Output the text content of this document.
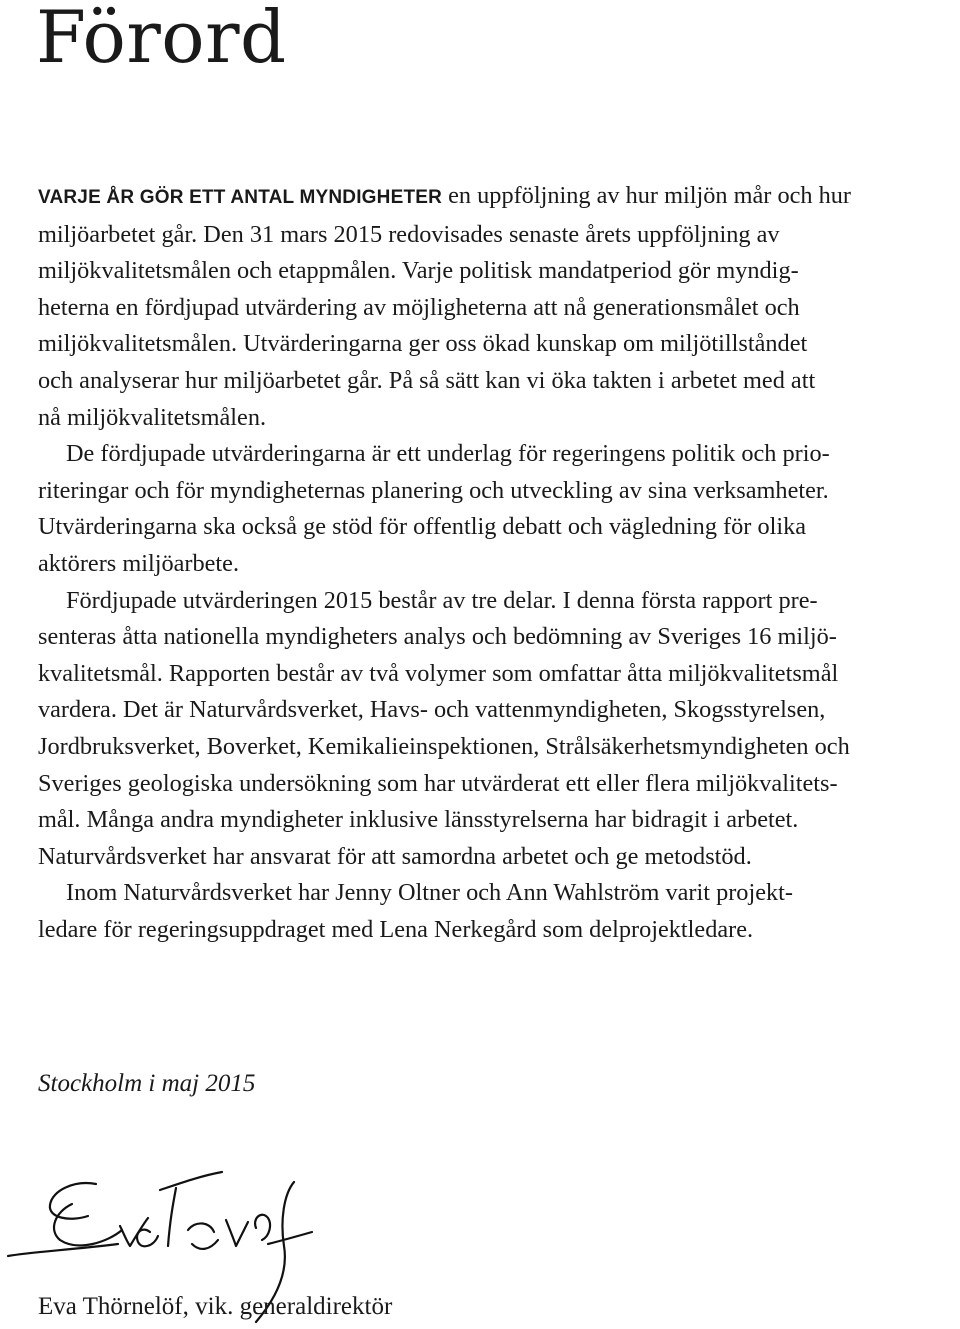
Förord
VARJE ÅR GÖR ETT ANTAL MYNDIGHETER en uppföljning av hur miljön mår och hur
miljöarbetet går. Den 31 mars 2015 redovisades senaste årets uppföljning av
miljökvalitetsmålen och etappmålen. Varje politisk mandatperiod gör myndig-
heterna en fördjupad utvärdering av möjligheterna att nå generationsmålet och
miljökvalitetsmålen. Utvärderingarna ger oss ökad kunskap om miljötillståndet
och analyserar hur miljöarbetet går. På så sätt kan vi öka takten i arbetet med att
nå miljökvalitetsmålen.
De fördjupade utvärderingarna är ett underlag för regeringens politik och prio-
riteringar och för myndigheternas planering och utveckling av sina verksamheter.
Utvärderingarna ska också ge stöd för offentlig debatt och vägledning för olika
aktörers miljöarbete.
Fördjupade utvärderingen 2015 består av tre delar. I denna första rapport pre-
senteras åtta nationella myndigheters analys och bedömning av Sveriges 16 miljö-
kvalitetsmål. Rapporten består av två volymer som omfattar åtta miljökvalitetsmål
vardera. Det är Naturvårdsverket, Havs- och vattenmyndigheten, Skogsstyrelsen,
Jordbruksverket, Boverket, Kemikalieinspektionen, Strålsäkerhetsmyndigheten och
Sveriges geologiska undersökning som har utvärderat ett eller flera miljökvalitets-
mål. Många andra myndigheter inklusive länsstyrelserna har bidragit i arbetet.
Naturvårdsverket har ansvarat för att samordna arbetet och ge metodstöd.
Inom Naturvårdsverket har Jenny Oltner och Ann Wahlström varit projekt-
ledare för regeringsuppdraget med Lena Nerkegård som delprojektledare.

Stockholm i maj 2015

Eva Thörnelöf, vik. generaldirektör
